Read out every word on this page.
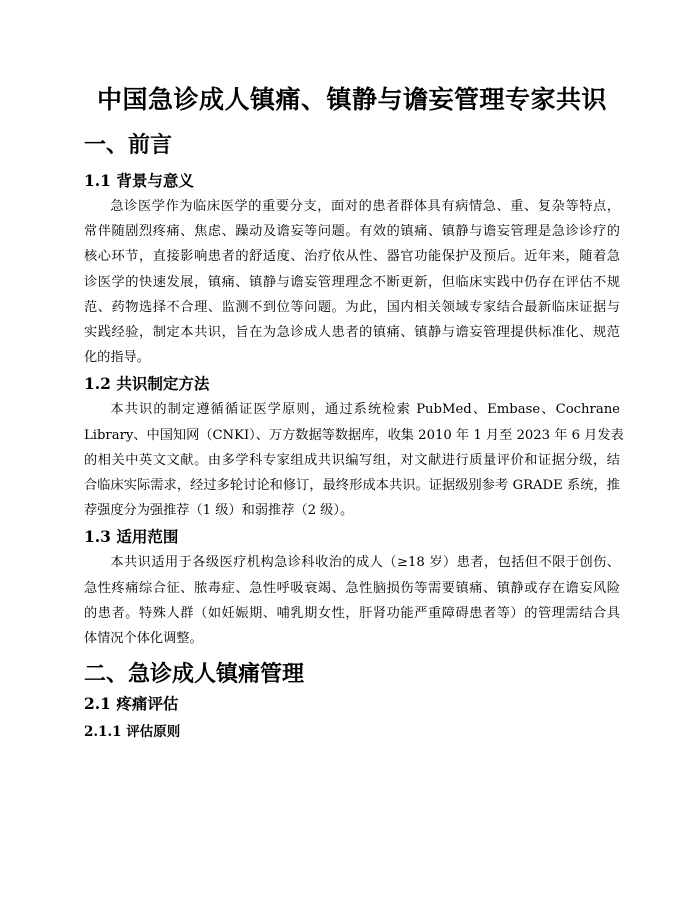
中国急诊成人镇痛、镇静与谵妄管理专家共识
一、前言
1.1 背景与意义

急诊医学作为临床医学的重要分支，面对的患者群体具有病情急、重、复杂等特点，
常伴随剧烈疼痛、焦虑、躁动及谵妄等问题。有效的镇痛、镇静与谵妄管理是急诊诊疗的
核心环节，直接影响患者的舒适度、治疗依从性、器官功能保护及预后。近年来，随着急
诊医学的快速发展，镇痛、镇静与谵妄管理理念不断更新，但临床实践中仍存在评估不规
范、药物选择不合理、监测不到位等问题。为此，国内相关领域专家结合最新临床证据与
实践经验，制定本共识，旨在为急诊成人患者的镇痛、镇静与谵妄管理提供标准化、规范
化的指导。

1.2 共识制定方法

本共识的制定遵循循证医学原则，通过系统检索 PubMed、Embase、Cochrane
Library、中国知网（CNKI）、万方数据等数据库，收集 2010 年 1 月至 2023 年 6 月发表
的相关中英文文献。由多学科专家组成共识编写组，对文献进行质量评价和证据分级，结
合临床实际需求，经过多轮讨论和修订，最终形成本共识。证据级别参考 GRADE 系统，推
荐强度分为强推荐（1 级）和弱推荐（2 级）。

1.3 适用范围

本共识适用于各级医疗机构急诊科收治的成人（≥18 岁）患者，包括但不限于创伤、
急性疼痛综合征、脓毒症、急性呼吸衰竭、急性脑损伤等需要镇痛、镇静或存在谵妄风险
的患者。特殊人群（如妊娠期、哺乳期女性，肝肾功能严重障碍患者等）的管理需结合具
体情况个体化调整。

二、急诊成人镇痛管理
2.1 疼痛评估
2.1.1 评估原则
